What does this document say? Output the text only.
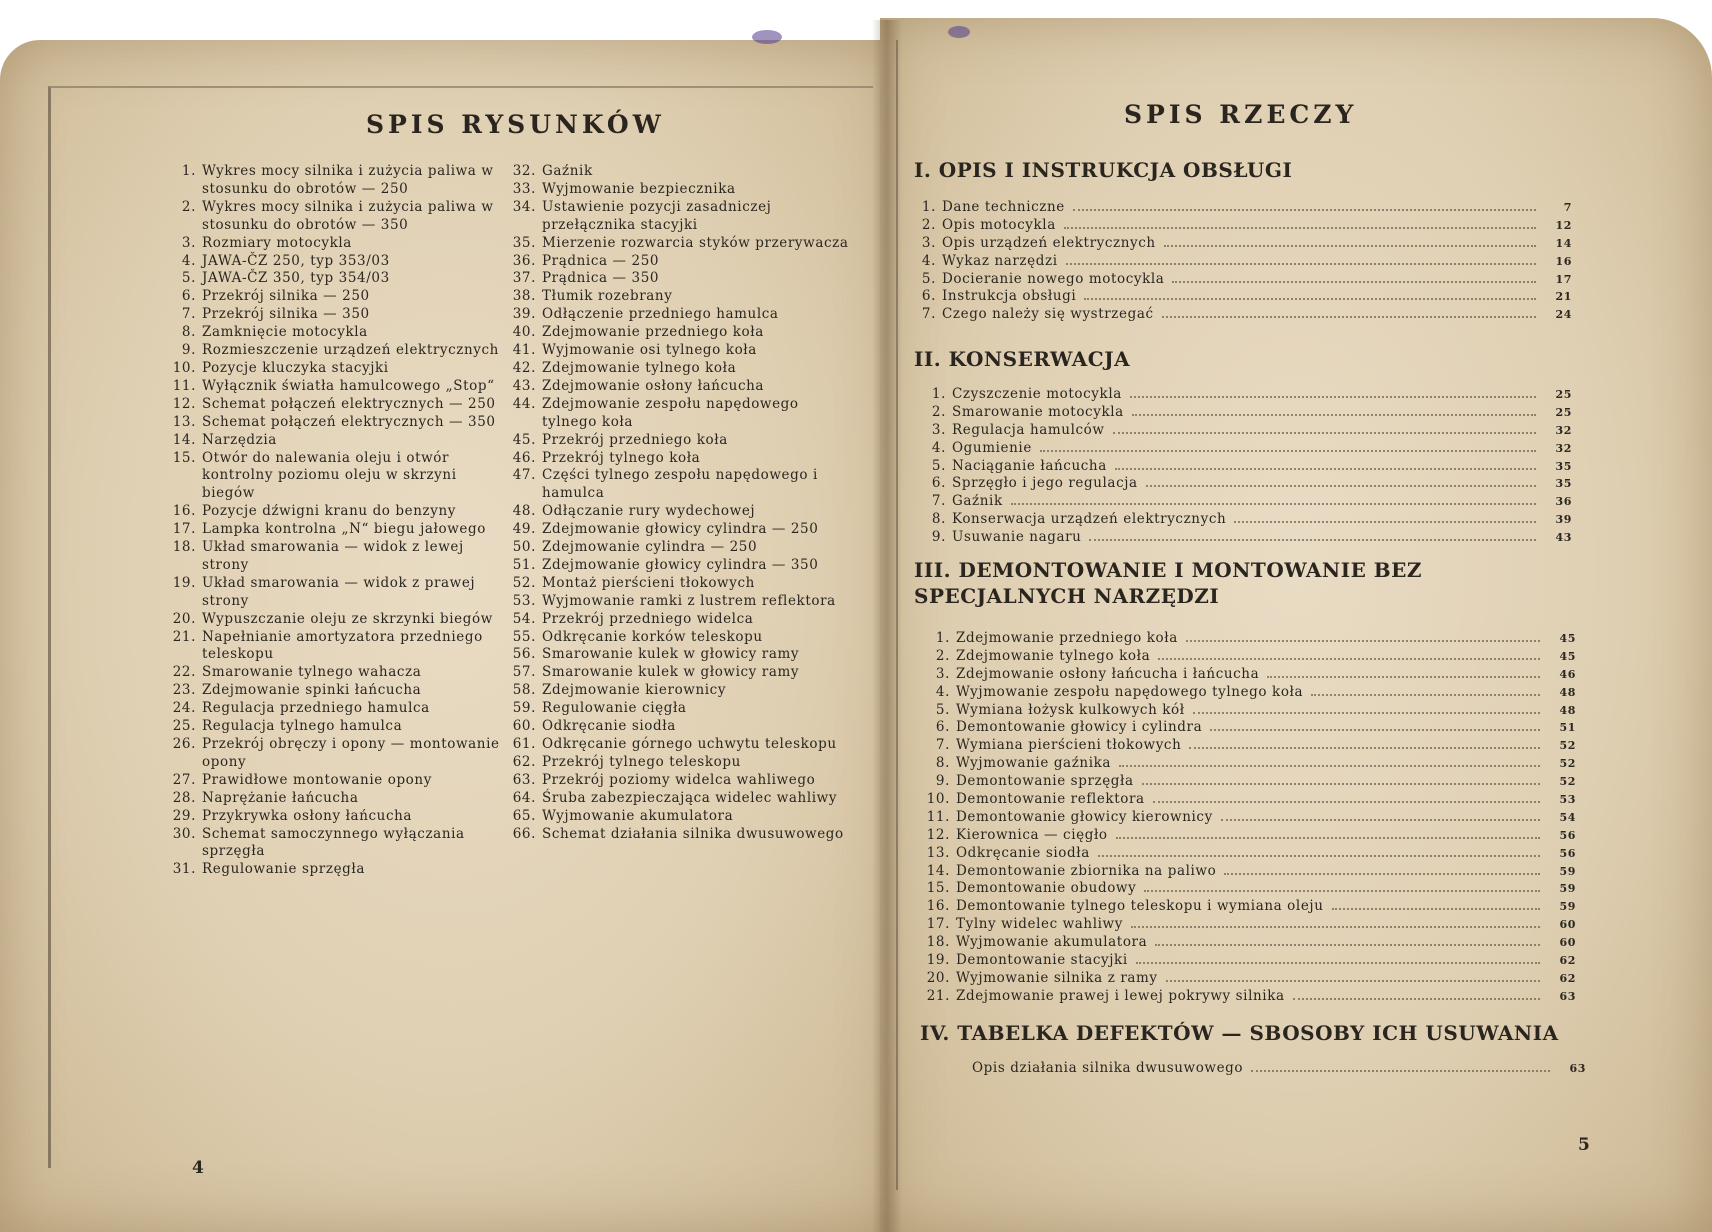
SPIS RYSUNKÓW
1. Wykres mocy silnika i zużycia paliwa w stosunku do obrotów — 250
2. Wykres mocy silnika i zużycia paliwa w stosunku do obrotów — 350
3. Rozmiary motocykla
4. JAWA-ČZ 250, typ 353/03
5. JAWA-ČZ 350, typ 354/03
6. Przekrój silnika — 250
7. Przekrój silnika — 350
8. Zamknięcie motocykla
9. Rozmieszczenie urządzeń elektrycznych
10. Pozycje kluczyka stacyjki
11. Wyłącznik światła hamulcowego „Stop“
12. Schemat połączeń elektrycznych — 250
13. Schemat połączeń elektrycznych — 350
14. Narzędzia
15. Otwór do nalewania oleju i otwór kontrolny poziomu oleju w skrzyni biegów
16. Pozycje dźwigni kranu do benzyny
17. Lampka kontrolna „N“ biegu jałowego
18. Układ smarowania — widok z lewej strony
19. Układ smarowania — widok z prawej strony
20. Wypuszczanie oleju ze skrzynki biegów
21. Napełnianie amortyzatora przedniego teleskopu
22. Smarowanie tylnego wahacza
23. Zdejmowanie spinki łańcucha
24. Regulacja przedniego hamulca
25. Regulacja tylnego hamulca
26. Przekrój obręczy i opony — montowanie opony
27. Prawidłowe montowanie opony
28. Naprężanie łańcucha
29. Przykrywka osłony łańcucha
30. Schemat samoczynnego wyłączania sprzęgła
31. Regulowanie sprzęgła
32. Gaźnik
33. Wyjmowanie bezpiecznika
34. Ustawienie pozycji zasadniczej przełącznika stacyjki
35. Mierzenie rozwarcia styków przerywacza
36. Prądnica — 250
37. Prądnica — 350
38. Tłumik rozebrany
39. Odłączenie przedniego hamulca
40. Zdejmowanie przedniego koła
41. Wyjmowanie osi tylnego koła
42. Zdejmowanie tylnego koła
43. Zdejmowanie osłony łańcucha
44. Zdejmowanie zespołu napędowego tylnego koła
45. Przekrój przedniego koła
46. Przekrój tylnego koła
47. Części tylnego zespołu napędowego i hamulca
48. Odłączanie rury wydechowej
49. Zdejmowanie głowicy cylindra — 250
50. Zdejmowanie cylindra — 250
51. Zdejmowanie głowicy cylindra — 350
52. Montaż pierścieni tłokowych
53. Wyjmowanie ramki z lustrem reflektora
54. Przekrój przedniego widelca
55. Odkręcanie korków teleskopu
56. Smarowanie kulek w głowicy ramy
57. Smarowanie kulek w głowicy ramy
58. Zdejmowanie kierownicy
59. Regulowanie cięgła
60. Odkręcanie siodła
61. Odkręcanie górnego uchwytu teleskopu
62. Przekrój tylnego teleskopu
63. Przekrój poziomy widelca wahliwego
64. Śruba zabezpieczająca widelec wahliwy
65. Wyjmowanie akumulatora
66. Schemat działania silnika dwusuwowego
4
SPIS RZECZY
I. OPIS I INSTRUKCJA OBSŁUGI
1. Dane techniczne	7
2. Opis motocykla	12
3. Opis urządzeń elektrycznych	14
4. Wykaz narzędzi	16
5. Docieranie nowego motocykla	17
6. Instrukcja obsługi	21
7. Czego należy się wystrzegać	24
II. KONSERWACJA
1. Czyszczenie motocykla	25
2. Smarowanie motocykla	25
3. Regulacja hamulców	32
4. Ogumienie	32
5. Naciąganie łańcucha	35
6. Sprzęgło i jego regulacja	35
7. Gaźnik	36
8. Konserwacja urządzeń elektrycznych	39
9. Usuwanie nagaru	43
III. DEMONTOWANIE I MONTOWANIE BEZ SPECJALNYCH NARZĘDZI
1. Zdejmowanie przedniego koła	45
2. Zdejmowanie tylnego koła	45
3. Zdejmowanie osłony łańcucha i łańcucha	46
4. Wyjmowanie zespołu napędowego tylnego koła	48
5. Wymiana łożysk kulkowych kół	48
6. Demontowanie głowicy i cylindra	51
7. Wymiana pierścieni tłokowych	52
8. Wyjmowanie gaźnika	52
9. Demontowanie sprzęgła	52
10. Demontowanie reflektora	53
11. Demontowanie głowicy kierownicy	54
12. Kierownica — cięgło	56
13. Odkręcanie siodła	56
14. Demontowanie zbiornika na paliwo	59
15. Demontowanie obudowy	59
16. Demontowanie tylnego teleskopu i wymiana oleju	59
17. Tylny widelec wahliwy	60
18. Wyjmowanie akumulatora	60
19. Demontowanie stacyjki	62
20. Wyjmowanie silnika z ramy	62
21. Zdejmowanie prawej i lewej pokrywy silnika	63
IV. TABELKA DEFEKTÓW — SBOSOBY ICH USUWANIA
Opis działania silnika dwusuwowego	63
5
